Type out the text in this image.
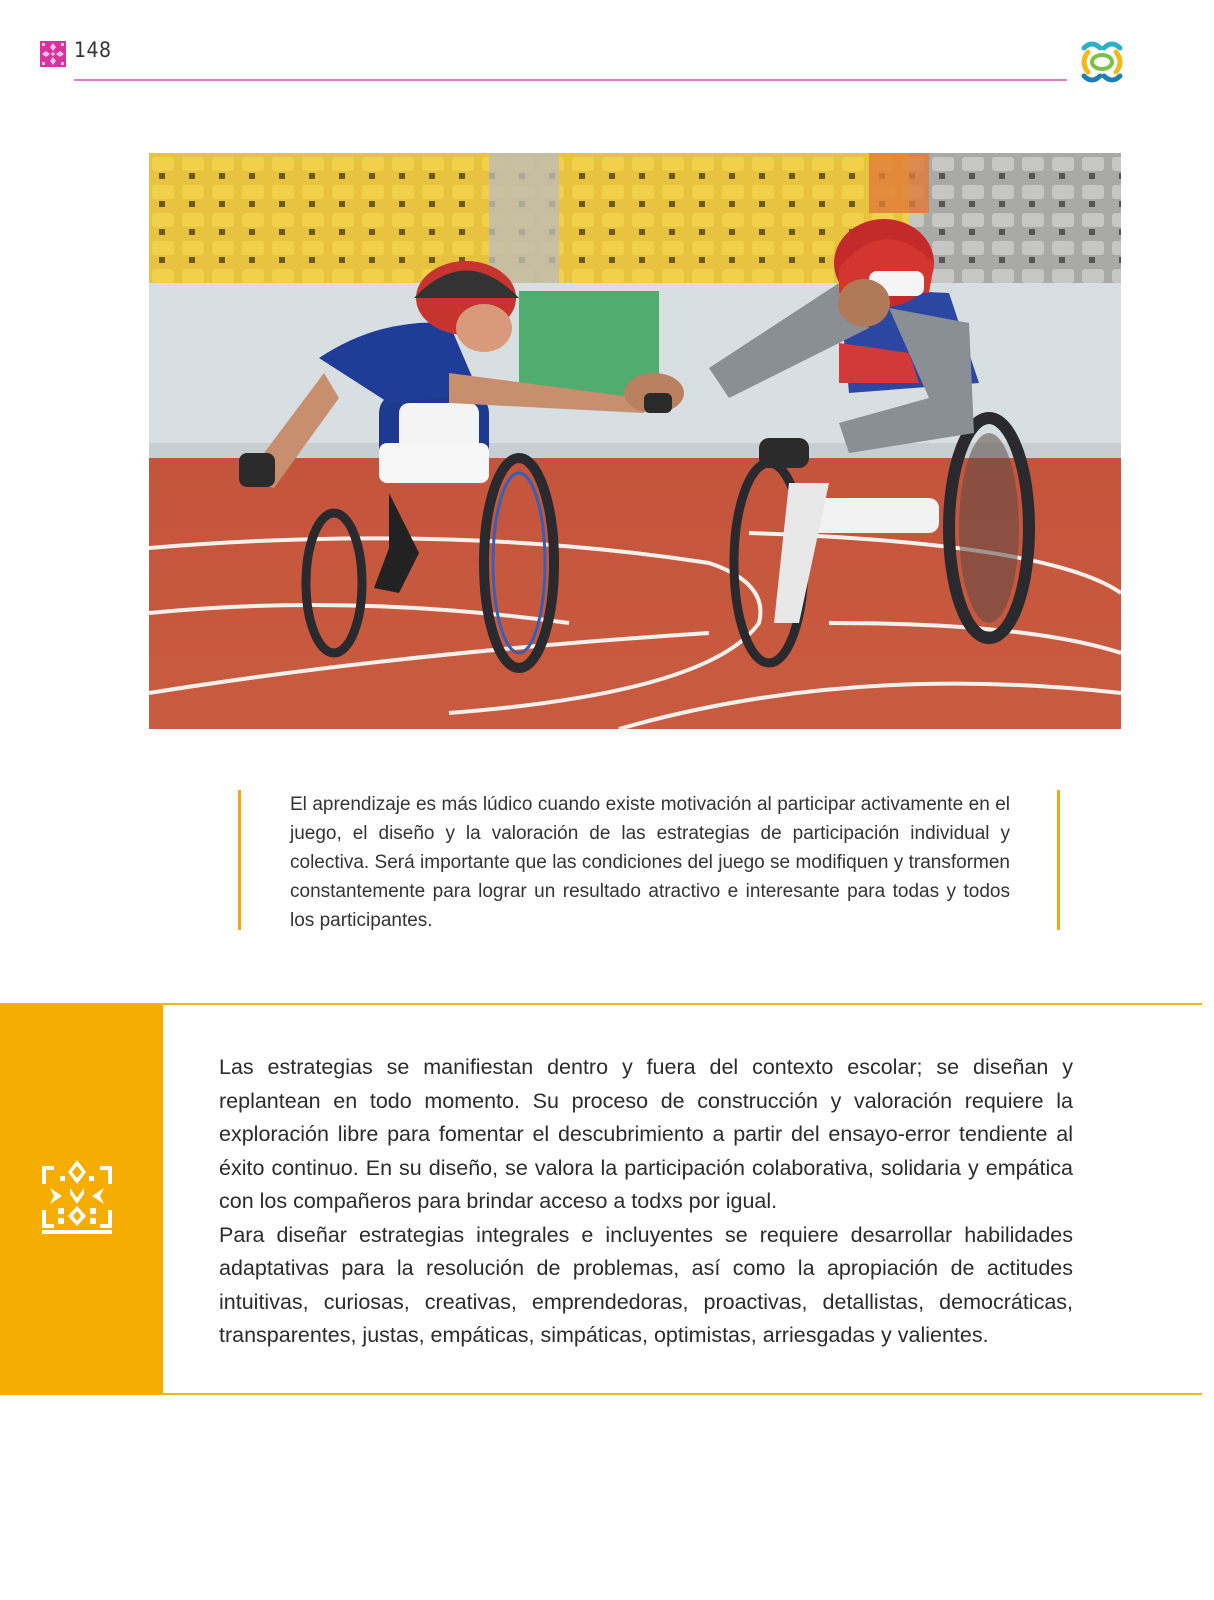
148

El aprendizaje es más lúdico cuando existe motivación al participar activamente en el juego, el diseño y la valoración de las estrategias de participación individual y colectiva. Será importante que las condiciones del juego se modifiquen y transformen constantemente para lograr un resultado atractivo e interesante para todas y todos los participantes.

Las estrategias se manifiestan dentro y fuera del contexto escolar; se diseñan y replantean en todo momento. Su proceso de construcción y valoración requiere la exploración libre para fomentar el descubrimiento a partir del ensayo-error tendiente al éxito continuo. En su diseño, se valora la participación colaborativa, solidaria y empática con los compañeros para brindar acceso a todxs por igual.

Para diseñar estrategias integrales e incluyentes se requiere desarrollar habilidades adaptativas para la resolución de problemas, así como la apropiación de actitudes intuitivas, curiosas, creativas, emprendedoras, proactivas, detallistas, democráticas, transparentes, justas, empáticas, simpáticas, optimistas, arriesgadas y valientes.
